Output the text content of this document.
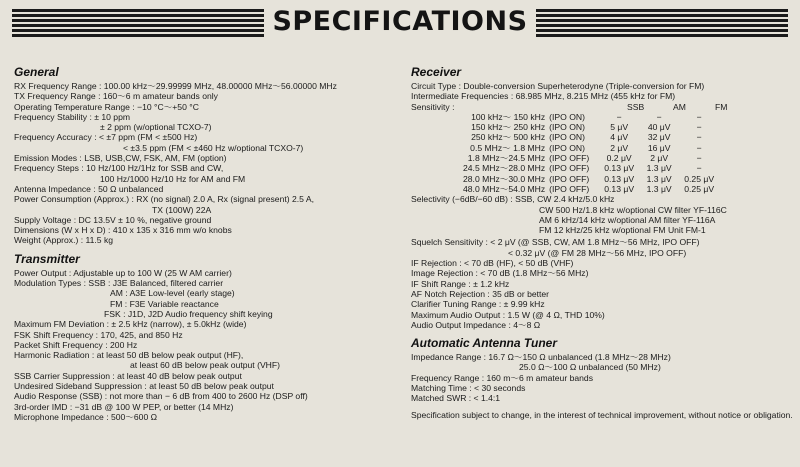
SPECIFICATIONS
General
RX Frequency Range : 100.00 kHz～29.99999 MHz, 48.00000 MHz～56.00000 MHz
TX Frequency Range : 160～6 m amateur bands only
Operating Temperature Range : −10 °C～+50 °C
Frequency Stability : ± 10 ppm
± 2 ppm (w/optional TCXO-7)
Frequency Accuracy : < ±7 ppm (FM < ±500 Hz)
< ±3.5 ppm (FM < ±460 Hz w/optional TCXO-7)
Emission Modes : LSB, USB,CW, FSK, AM, FM (option)
Frequency Steps : 10 Hz/100 Hz/1Hz for SSB and CW,
100 Hz/1000 Hz/10 Hz for AM and FM
Antenna Impedance : 50 Ω unbalanced
Power Consumption (Approx.) : RX (no signal) 2.0 A, Rx (signal present) 2.5 A,
TX (100W) 22A
Supply Voltage : DC 13.5V ± 10 %, negative ground
Dimensions (W x H x D) : 410 x 135 x 316 mm w/o knobs
Weight (Approx.) : 11.5 kg
Transmitter
Power Output : Adjustable up to 100 W (25 W AM carrier)
Modulation Types : SSB : J3E Balanced, filtered carrier
AM : A3E Low-level (early stage)
FM : F3E Variable reactance
FSK : J1D, J2D Audio frequency shift keying
Maximum FM Deviation : ± 2.5 kHz (narrow), ± 5.0kHz (wide)
FSK Shift Frequency : 170, 425, and 850 Hz
Packet Shift Frequency : 200 Hz
Harmonic Radiation : at least 50 dB below peak output (HF),
at least 60 dB below peak output (VHF)
SSB Carrier Suppression : at least 40 dB below peak output
Undesired Sideband Suppression : at least 50 dB below peak output
Audio Response (SSB) : not more than − 6 dB from 400 to 2600 Hz (DSP off)
3rd-order IMD : −31 dB @ 100 W PEP, or better (14 MHz)
Microphone Impedance : 500～600 Ω
Receiver
Circuit Type : Double-conversion Superheterodyne (Triple-conversion for FM)
Intermediate Frequencies : 68.985 MHz, 8.215 MHz (455 kHz for FM)
Sensitivity :	SSB	AM	FM
100 kHz～ 150 kHz	(IPO ON)	−	−	−
150 kHz～ 250 kHz	(IPO ON)	5 μV	40 μV	−
250 kHz～ 500 kHz	(IPO ON)	4 μV	32 μV	−
0.5 MHz～ 1.8 MHz	(IPO ON)	2 μV	16 μV	−
1.8 MHz～24.5 MHz	(IPO OFF)	0.2 μV	2 μV	−
24.5 MHz～28.0 MHz	(IPO OFF)	0.13 μV	1.3 μV	−
28.0 MHz～30.0 MHz	(IPO OFF)	0.13 μV	1.3 μV	0.25 μV
48.0 MHz～54.0 MHz	(IPO OFF)	0.13 μV	1.3 μV	0.25 μV
Selectivity (−6dB/−60 dB) : SSB, CW 2.4 kHz/5.0 kHz
CW 500 Hz/1.8 kHz w/optional CW filter YF-116C
AM 6 kHz/14 kHz w/optional AM filter YF-116A
FM 12 kHz/25 kHz w/optional FM Unit FM-1
Squelch Sensitivity : < 2 μV (@ SSB, CW, AM 1.8 MHz～56 MHz, IPO OFF)
< 0.32 μV (@ FM 28 MHz～56 MHz, IPO OFF)
IF Rejection : < 70 dB (HF), < 50 dB (VHF)
Image Rejection : < 70 dB (1.8 MHz～56 MHz)
IF Shift Range : ± 1.2 kHz
AF Notch Rejection : 35 dB or better
Clarifier Tuning Range : ± 9.99 kHz
Maximum Audio Output : 1.5 W (@ 4 Ω, THD 10%)
Audio Output Impedance : 4～8 Ω
Automatic Antenna Tuner
Impedance Range : 16.7 Ω～150 Ω unbalanced (1.8 MHz～28 MHz)
25.0 Ω～100 Ω unbalanced (50 MHz)
Frequency Range : 160 m～6 m amateur bands
Matching Time : < 30 seconds
Matched SWR : < 1.4:1
Specification subject to change, in the interest of technical improvement, without notice or obligation.
